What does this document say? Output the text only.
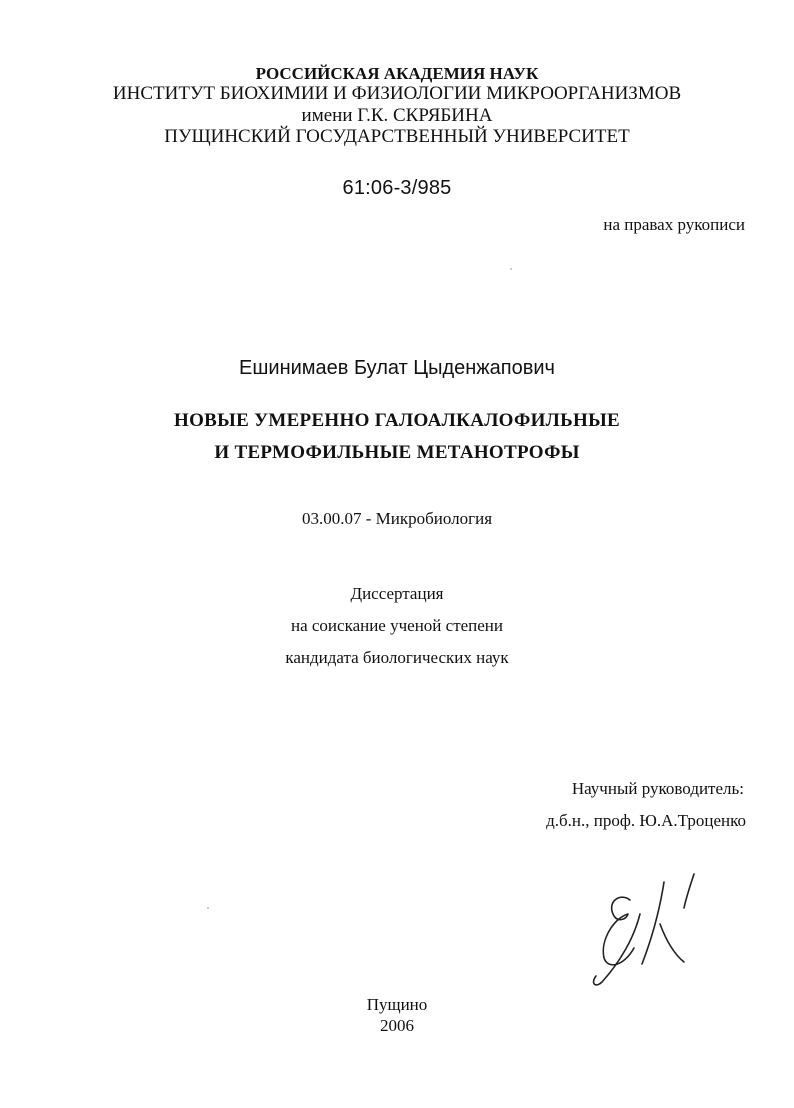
РОССИЙСКАЯ АКАДЕМИЯ НАУК
ИНСТИТУТ БИОХИМИИ И ФИЗИОЛОГИИ МИКРООРГАНИЗМОВ
имени Г.К. СКРЯБИНА
ПУЩИНСКИЙ ГОСУДАРСТВЕННЫЙ УНИВЕРСИТЕТ
61:06-3/985
на правах рукописи
Ешинимаев Булат Цыденжапович
НОВЫЕ УМЕРЕННО ГАЛОАЛКАЛОФИЛЬНЫЕ
И ТЕРМОФИЛЬНЫЕ МЕТАНОТРОФЫ
03.00.07 - Микробиология
Диссертация
на соискание ученой степени
кандидата биологических наук
Научный руководитель:
д.б.н., проф. Ю.А.Троценко
Пущино
2006
